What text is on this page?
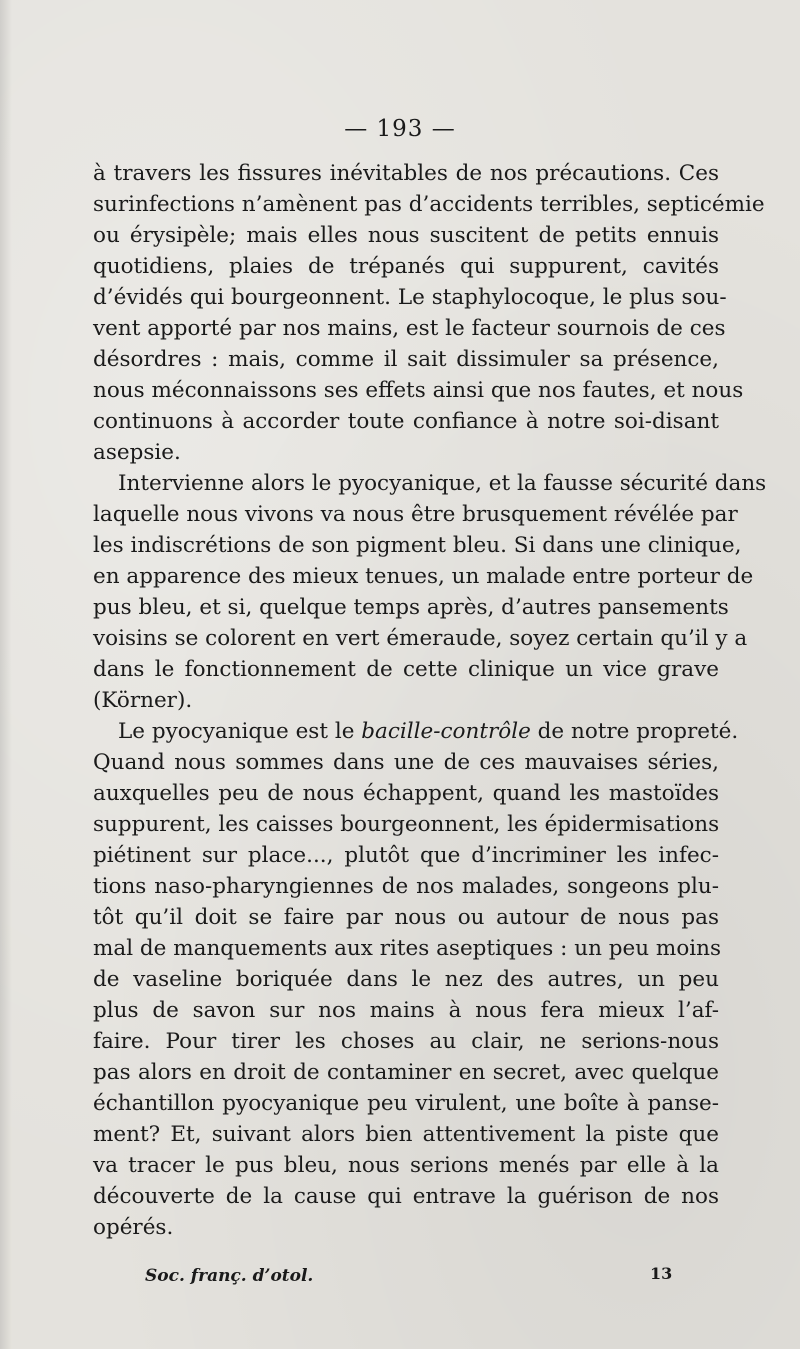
— 193 —
à travers les fissures inévitables de nos précautions. Ces
surinfections n’amènent pas d’accidents terribles, septicémie
ou érysipèle; mais elles nous suscitent de petits ennuis
quotidiens, plaies de trépanés qui suppurent, cavités
d’évidés qui bourgeonnent. Le staphylocoque, le plus sou-
vent apporté par nos mains, est le facteur sournois de ces
désordres : mais, comme il sait dissimuler sa présence,
nous méconnaissons ses effets ainsi que nos fautes, et nous
continuons à accorder toute confiance à notre soi-disant
asepsie.
Intervienne alors le pyocyanique, et la fausse sécurité dans
laquelle nous vivons va nous être brusquement révélée par
les indiscrétions de son pigment bleu. Si dans une clinique,
en apparence des mieux tenues, un malade entre porteur de
pus bleu, et si, quelque temps après, d’autres pansements
voisins se colorent en vert émeraude, soyez certain qu’il y a
dans le fonctionnement de cette clinique un vice grave
(Körner).
Le pyocyanique est le bacille-contrôle de notre propreté.
Quand nous sommes dans une de ces mauvaises séries,
auxquelles peu de nous échappent, quand les mastoïdes
suppurent, les caisses bourgeonnent, les épidermisations
piétinent sur place..., plutôt que d’incriminer les infec-
tions naso-pharyngiennes de nos malades, songeons plu-
tôt qu’il doit se faire par nous ou autour de nous pas
mal de manquements aux rites aseptiques : un peu moins
de vaseline boriquée dans le nez des autres, un peu
plus de savon sur nos mains à nous fera mieux l’af-
faire. Pour tirer les choses au clair, ne serions-nous
pas alors en droit de contaminer en secret, avec quelque
échantillon pyocyanique peu virulent, une boîte à panse-
ment? Et, suivant alors bien attentivement la piste que
va tracer le pus bleu, nous serions menés par elle à la
découverte de la cause qui entrave la guérison de nos
opérés.
Soc. franç. d’otol.	13
